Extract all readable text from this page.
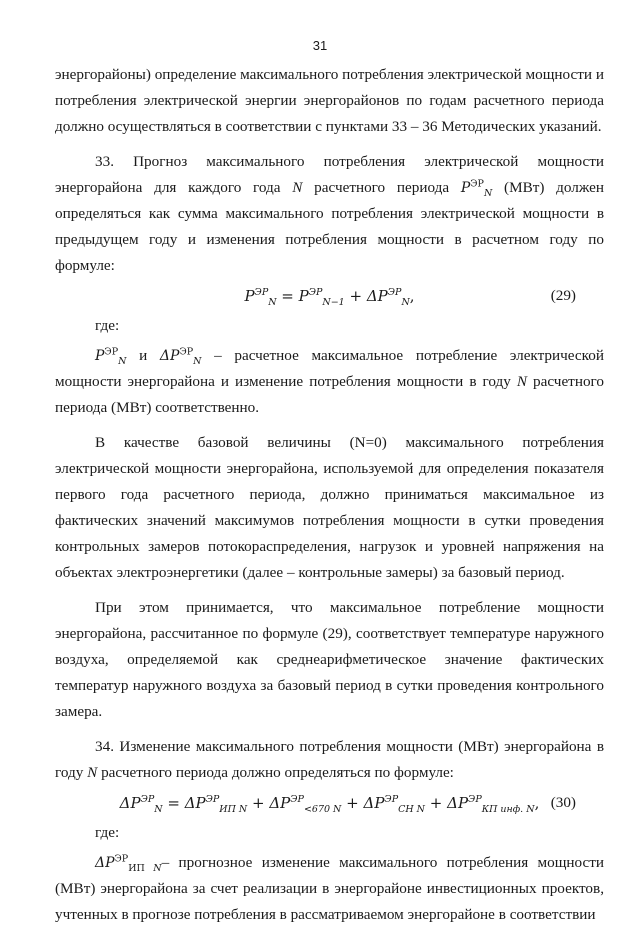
31

энергорайоны) определение максимального потребления электрической мощности и потребления электрической энергии энергорайонов по годам расчетного периода должно осуществляться в соответствии с пунктами 33 – 36 Методических указаний.

33. Прогноз максимального потребления электрической мощности энергорайона для каждого года N расчетного периода $P^{ЭР}_N$ (МВт) должен определяться как сумма максимального потребления электрической мощности в предыдущем году и изменения потребления мощности в расчетном году по формуле:

$P^{ЭР}_N = P^{ЭР}_{N-1} + \Delta P^{ЭР}_N$,	(29)

где:

$P^{ЭР}_N$ и $\Delta P^{ЭР}_N$ – расчетное максимальное потребление электрической мощности энергорайона и изменение потребления мощности в году N расчетного периода (МВт) соответственно.

В качестве базовой величины (N=0) максимального потребления электрической мощности энергорайона, используемой для определения показателя первого года расчетного периода, должно приниматься максимальное из фактических значений максимумов потребления мощности в сутки проведения контрольных замеров потокораспределения, нагрузок и уровней напряжения на объектах электроэнергетики (далее – контрольные замеры) за базовый период.

При этом принимается, что максимальное потребление мощности энергорайона, рассчитанное по формуле (29), соответствует температуре наружного воздуха, определяемой как среднеарифметическое значение фактических температур наружного воздуха за базовый период в сутки проведения контрольного замера.

34. Изменение максимального потребления мощности (МВт) энергорайона в году N расчетного периода должно определяться по формуле:

$\Delta P^{ЭР}_N = \Delta P^{ЭР}_{ИП N} + \Delta P^{ЭР}_{<670 N} + \Delta P^{ЭР}_{СН N} + \Delta P^{ЭР}_{КП инф. N}$, (30)

где:

$\Delta P^{ЭР}_{ИП N}-$ прогнозное изменение максимального потребления мощности (МВт) энергорайона за счет реализации в энергорайоне инвестиционных проектов, учтенных в прогнозе потребления в рассматриваемом энергорайоне в соответствии
